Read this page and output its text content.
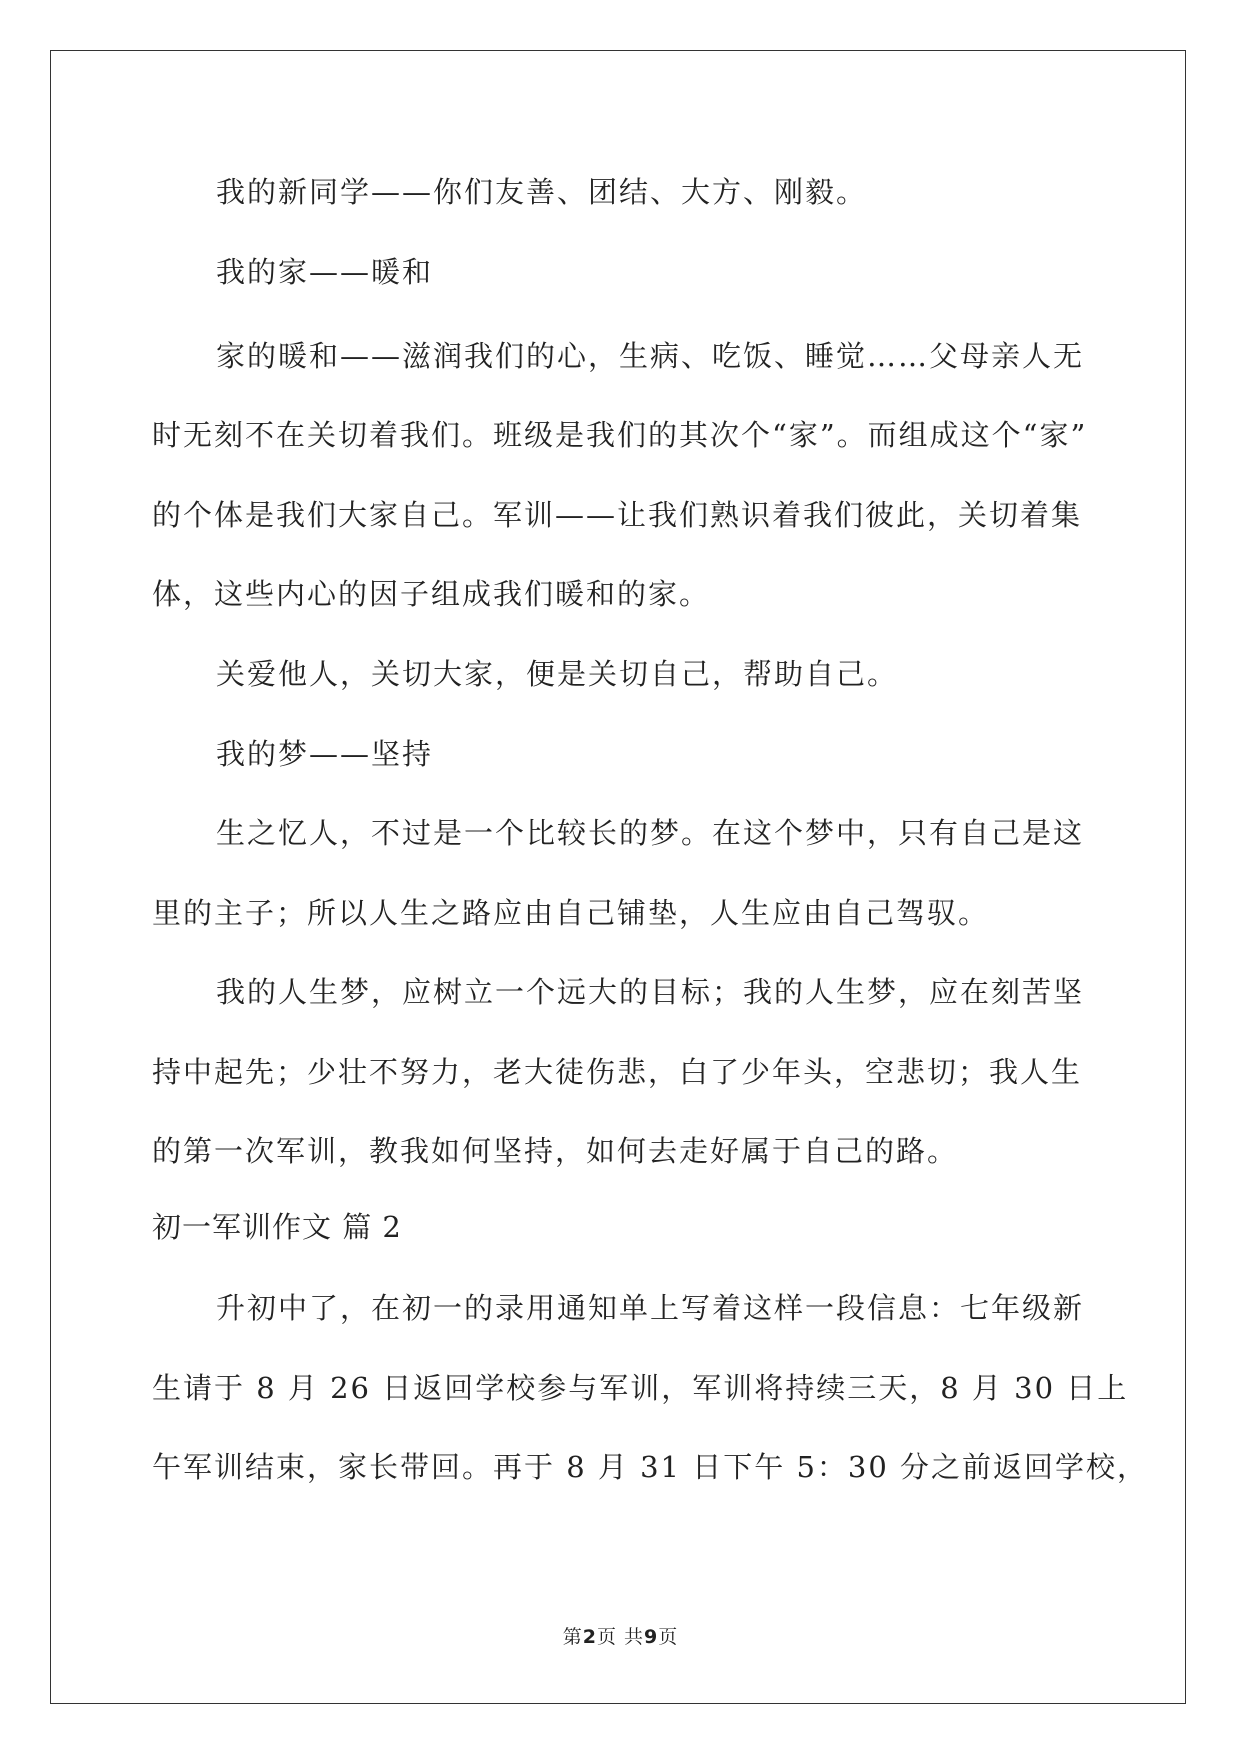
我的新同学——你们友善、团结、大方、刚毅。
我的家——暖和
家的暖和——滋润我们的心，生病、吃饭、睡觉……父母亲人无
时无刻不在关切着我们。班级是我们的其次个“家”。而组成这个“家”
的个体是我们大家自己。军训——让我们熟识着我们彼此，关切着集
体，这些内心的因子组成我们暖和的家。
关爱他人，关切大家，便是关切自己，帮助自己。
我的梦——坚持
生之忆人，不过是一个比较长的梦。在这个梦中，只有自己是这
里的主子；所以人生之路应由自己铺垫，人生应由自己驾驭。
我的人生梦，应树立一个远大的目标；我的人生梦，应在刻苦坚
持中起先；少壮不努力，老大徒伤悲，白了少年头，空悲切；我人生
的第一次军训，教我如何坚持，如何去走好属于自己的路。
初一军训作文 篇 2
升初中了，在初一的录用通知单上写着这样一段信息：七年级新
生请于 8 月 26 日返回学校参与军训，军训将持续三天，8 月 30 日上
午军训结束，家长带回。再于 8 月 31 日下午 5：30 分之前返回学校，
第2页 共9页
